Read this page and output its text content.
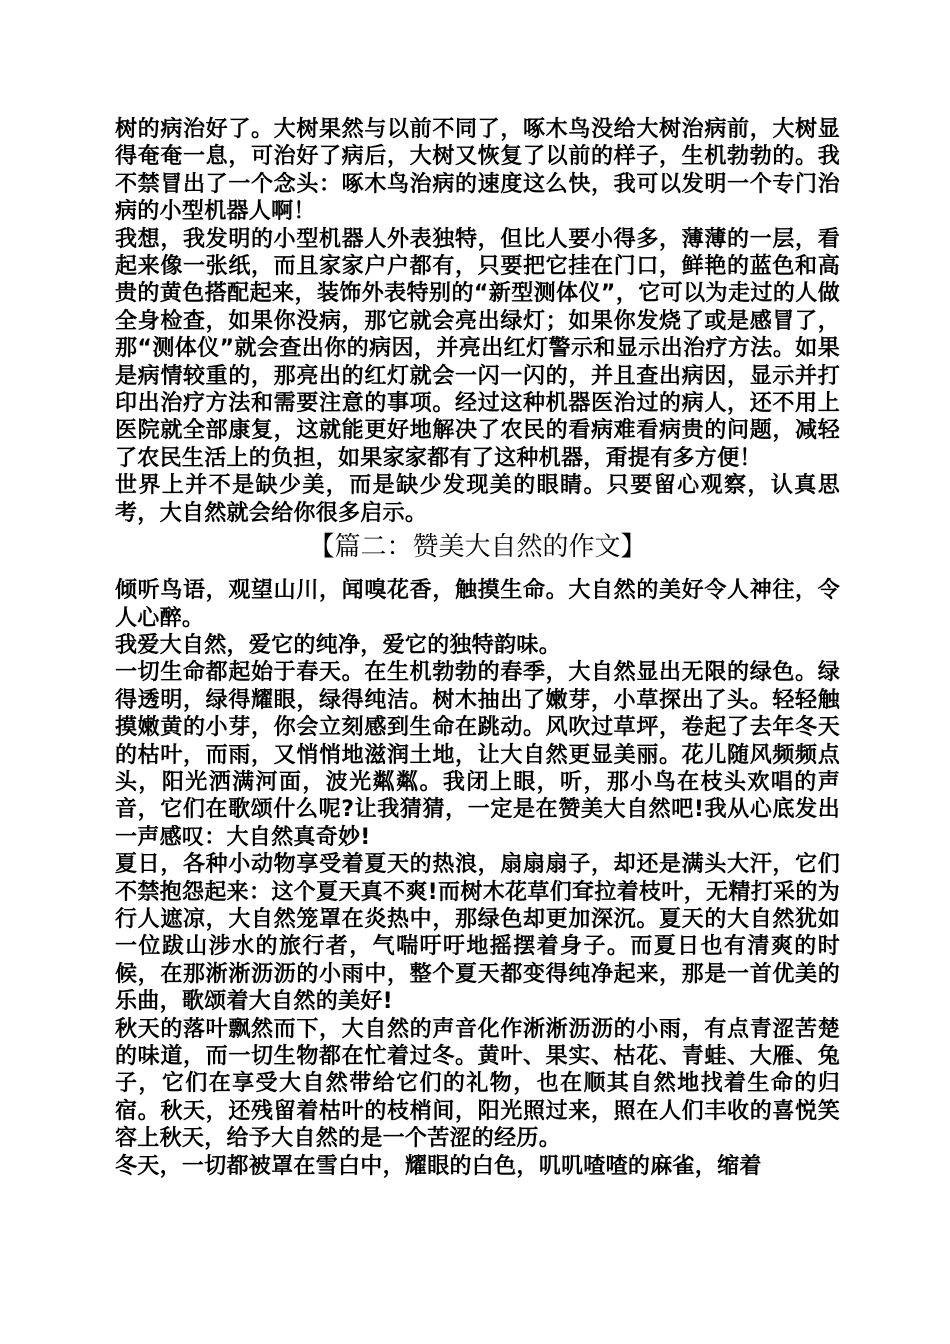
树的病治好了。大树果然与以前不同了，啄木鸟没给大树治病前，大树显得奄奄一息，可治好了病后，大树又恢复了以前的样子，生机勃勃的。我不禁冒出了一个念头：啄木鸟治病的速度这么快，我可以发明一个专门治病的小型机器人啊！

我想，我发明的小型机器人外表独特，但比人要小得多，薄薄的一层，看起来像一张纸，而且家家户户都有，只要把它挂在门口，鲜艳的蓝色和高贵的黄色搭配起来，装饰外表特别的“新型测体仪”，它可以为走过的人做全身检查，如果你没病，那它就会亮出绿灯；如果你发烧了或是感冒了，那“测体仪”就会查出你的病因，并亮出红灯警示和显示出治疗方法。如果是病情较重的，那亮出的红灯就会一闪一闪的，并且查出病因，显示并打印出治疗方法和需要注意的事项。经过这种机器医治过的病人，还不用上医院就全部康复，这就能更好地解决了农民的看病难看病贵的问题，减轻了农民生活上的负担，如果家家都有了这种机器，甭提有多方便！

世界上并不是缺少美，而是缺少发现美的眼睛。只要留心观察，认真思考，大自然就会给你很多启示。

【篇二：赞美大自然的作文】

倾听鸟语，观望山川，闻嗅花香，触摸生命。大自然的美好令人神往，令人心醉。

我爱大自然，爱它的纯净，爱它的独特韵味。

一切生命都起始于春天。在生机勃勃的春季，大自然显出无限的绿色。绿得透明，绿得耀眼，绿得纯洁。树木抽出了嫩芽，小草探出了头。轻轻触摸嫩黄的小芽，你会立刻感到生命在跳动。风吹过草坪，卷起了去年冬天的枯叶，而雨，又悄悄地滋润土地，让大自然更显美丽。花儿随风频频点头，阳光洒满河面，波光粼粼。我闭上眼，听，那小鸟在枝头欢唱的声音，它们在歌颂什么呢?让我猜猜，一定是在赞美大自然吧!我从心底发出一声感叹：大自然真奇妙!

夏日，各种小动物享受着夏天的热浪，扇扇扇子，却还是满头大汗，它们不禁抱怨起来：这个夏天真不爽!而树木花草们耷拉着枝叶，无精打采的为行人遮凉，大自然笼罩在炎热中，那绿色却更加深沉。夏天的大自然犹如一位跋山涉水的旅行者，气喘吁吁地摇摆着身子。而夏日也有清爽的时候，在那淅淅沥沥的小雨中，整个夏天都变得纯净起来，那是一首优美的乐曲，歌颂着大自然的美好!

秋天的落叶飘然而下，大自然的声音化作淅淅沥沥的小雨，有点青涩苦楚的味道，而一切生物都在忙着过冬。黄叶、果实、枯花、青蛙、大雁、兔子，它们在享受大自然带给它们的礼物，也在顺其自然地找着生命的归宿。秋天，还残留着枯叶的枝梢间，阳光照过来，照在人们丰收的喜悦笑容上秋天，给予大自然的是一个苦涩的经历。

冬天，一切都被罩在雪白中，耀眼的白色，叽叽喳喳的麻雀，缩着
